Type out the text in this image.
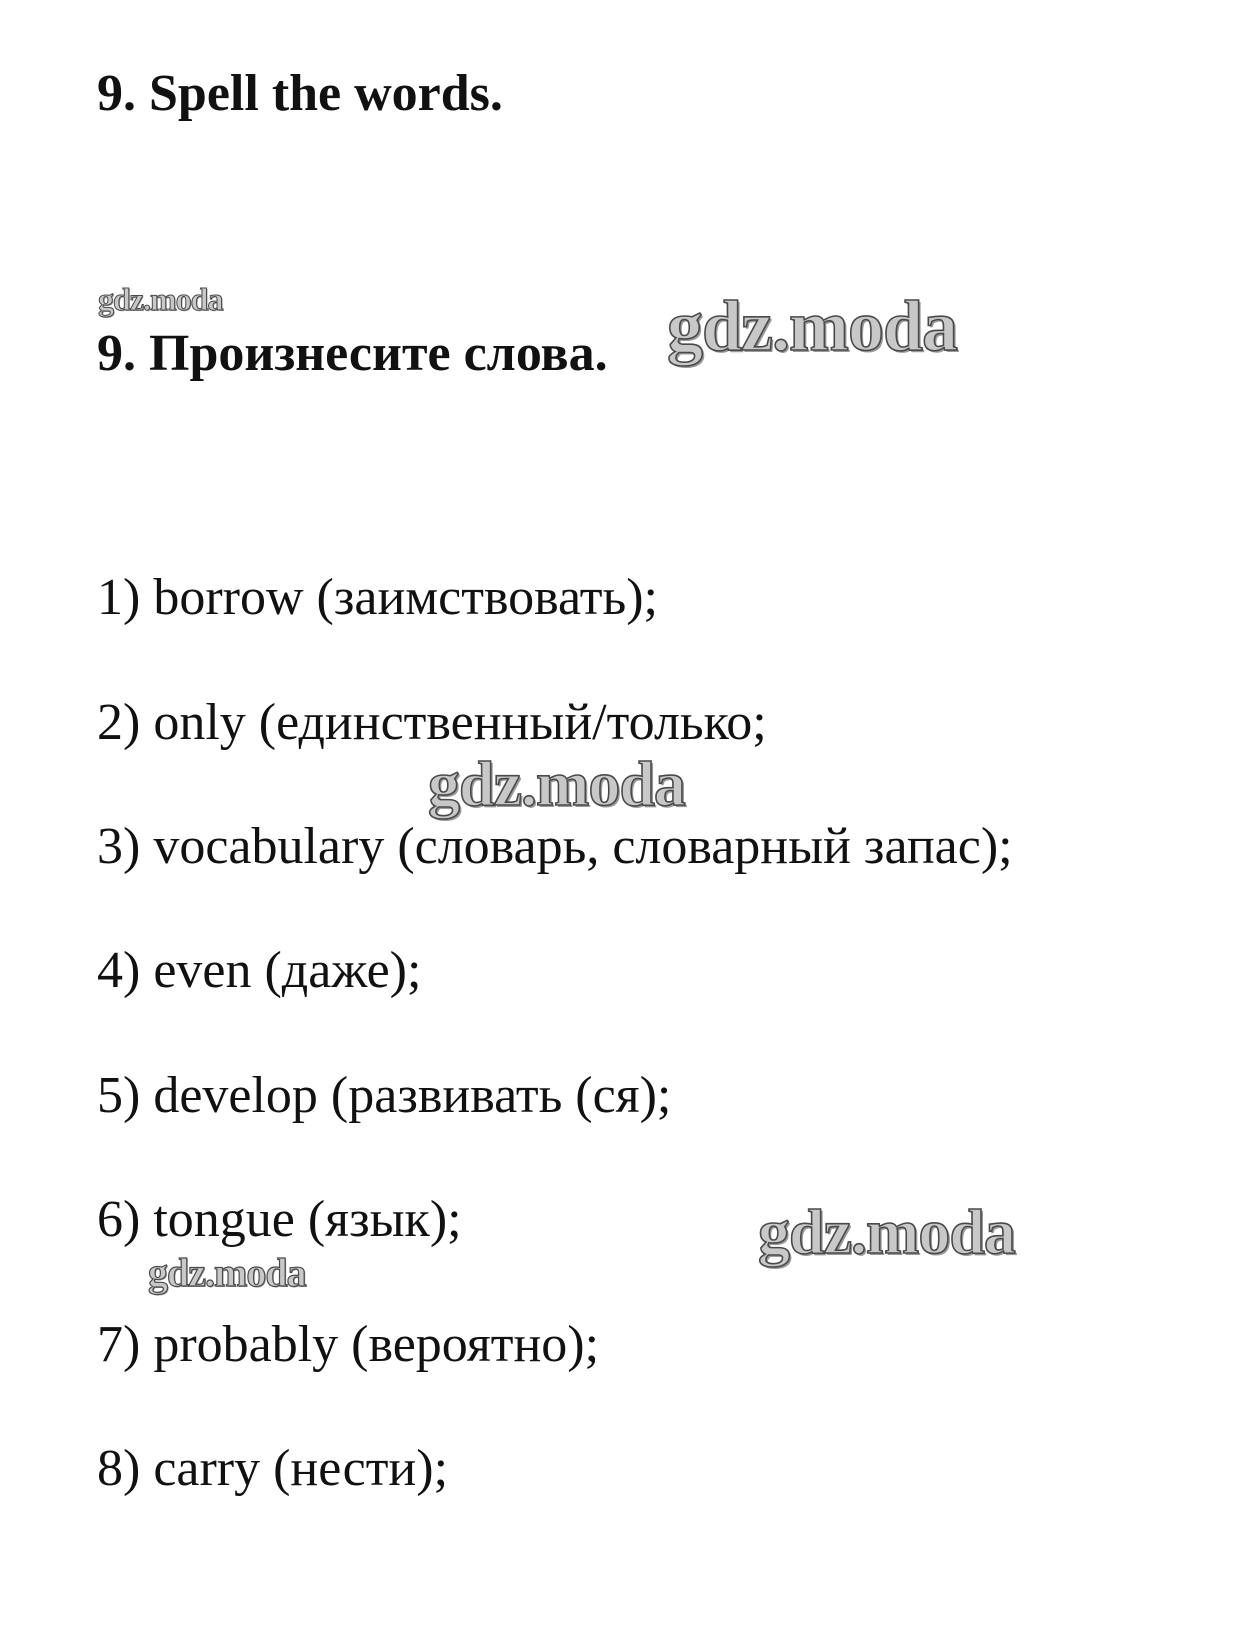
9. Spell the words.
9. Произнесите слова.
1) borrow (заимствовать);
2) only (единственный/только;
3) vocabulary (словарь, словарный запас);
4) even (даже);
5) develop (развивать (ся);
6) tongue (язык);
7) probably (вероятно);
8) carry (нести);
gdz.moda	gdz.moda
gdz.moda
gdz.moda
gdz.moda
